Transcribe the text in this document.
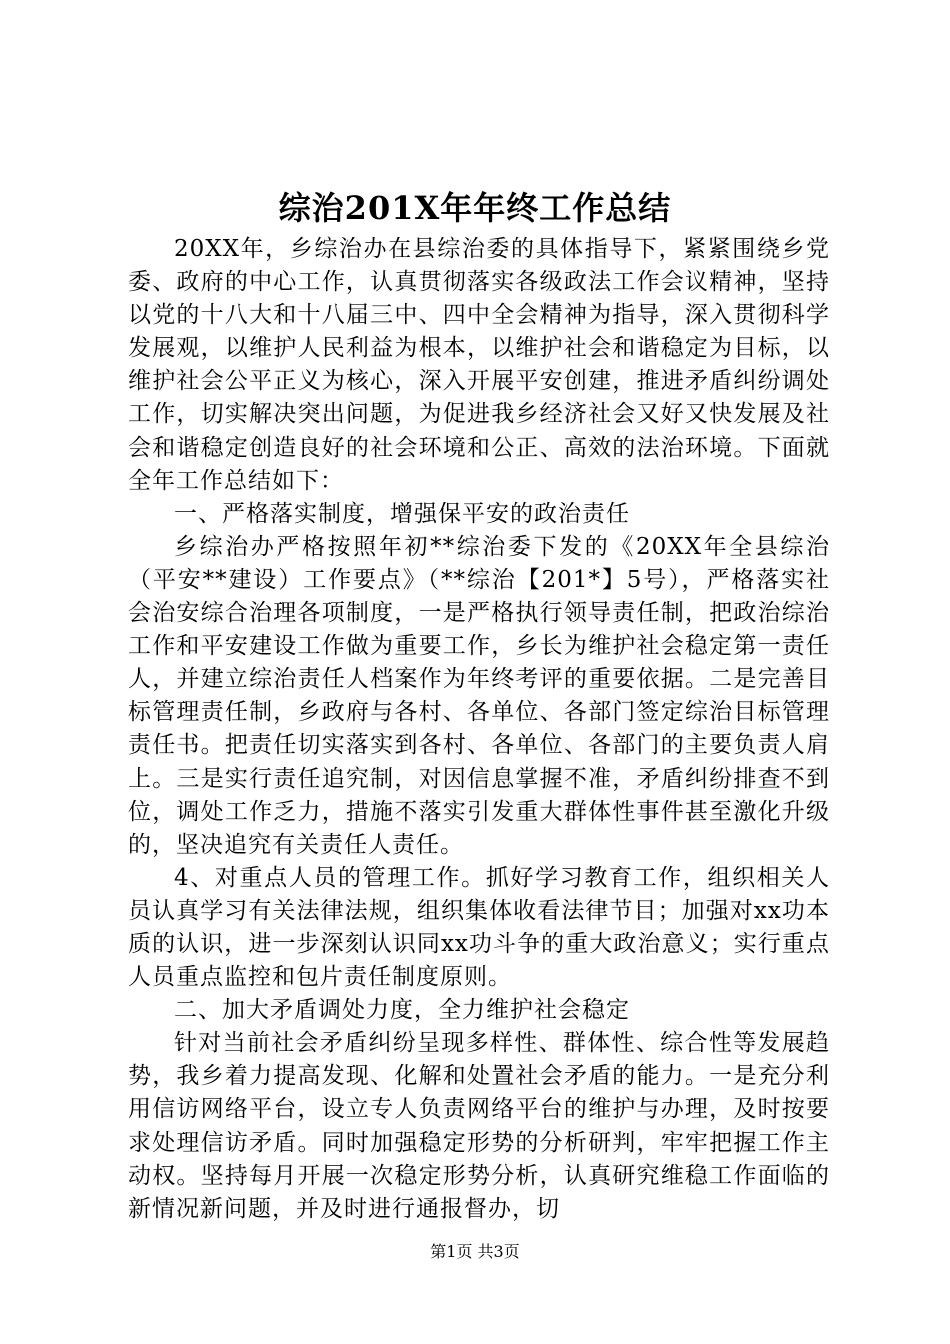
综治201X年年终工作总结

20XX年，乡综治办在县综治委的具体指导下，紧紧围绕乡党委、政府的中心工作，认真贯彻落实各级政法工作会议精神，坚持以党的十八大和十八届三中、四中全会精神为指导，深入贯彻科学发展观，以维护人民利益为根本，以维护社会和谐稳定为目标，以维护社会公平正义为核心，深入开展平安创建，推进矛盾纠纷调处工作，切实解决突出问题，为促进我乡经济社会又好又快发展及社会和谐稳定创造良好的社会环境和公正、高效的法治环境。下面就全年工作总结如下：

一、严格落实制度，增强保平安的政治责任

乡综治办严格按照年初**综治委下发的《20XX年全县综治（平安**建设）工作要点》（**综治【201*】5号），严格落实社会治安综合治理各项制度，一是严格执行领导责任制，把政治综治工作和平安建设工作做为重要工作，乡长为维护社会稳定第一责任人，并建立综治责任人档案作为年终考评的重要依据。二是完善目标管理责任制，乡政府与各村、各单位、各部门签定综治目标管理责任书。把责任切实落实到各村、各单位、各部门的主要负责人肩上。三是实行责任追究制，对因信息掌握不准，矛盾纠纷排查不到位，调处工作乏力，措施不落实引发重大群体性事件甚至激化升级的，坚决追究有关责任人责任。

4、对重点人员的管理工作。抓好学习教育工作，组织相关人员认真学习有关法律法规，组织集体收看法律节目；加强对xx功本质的认识，进一步深刻认识同xx功斗争的重大政治意义；实行重点人员重点监控和包片责任制度原则。

二、加大矛盾调处力度，全力维护社会稳定

针对当前社会矛盾纠纷呈现多样性、群体性、综合性等发展趋势，我乡着力提高发现、化解和处置社会矛盾的能力。一是充分利用信访网络平台，设立专人负责网络平台的维护与办理，及时按要求处理信访矛盾。同时加强稳定形势的分析研判，牢牢把握工作主动权。坚持每月开展一次稳定形势分析，认真研究维稳工作面临的新情况新问题，并及时进行通报督办，切

第1页 共3页
